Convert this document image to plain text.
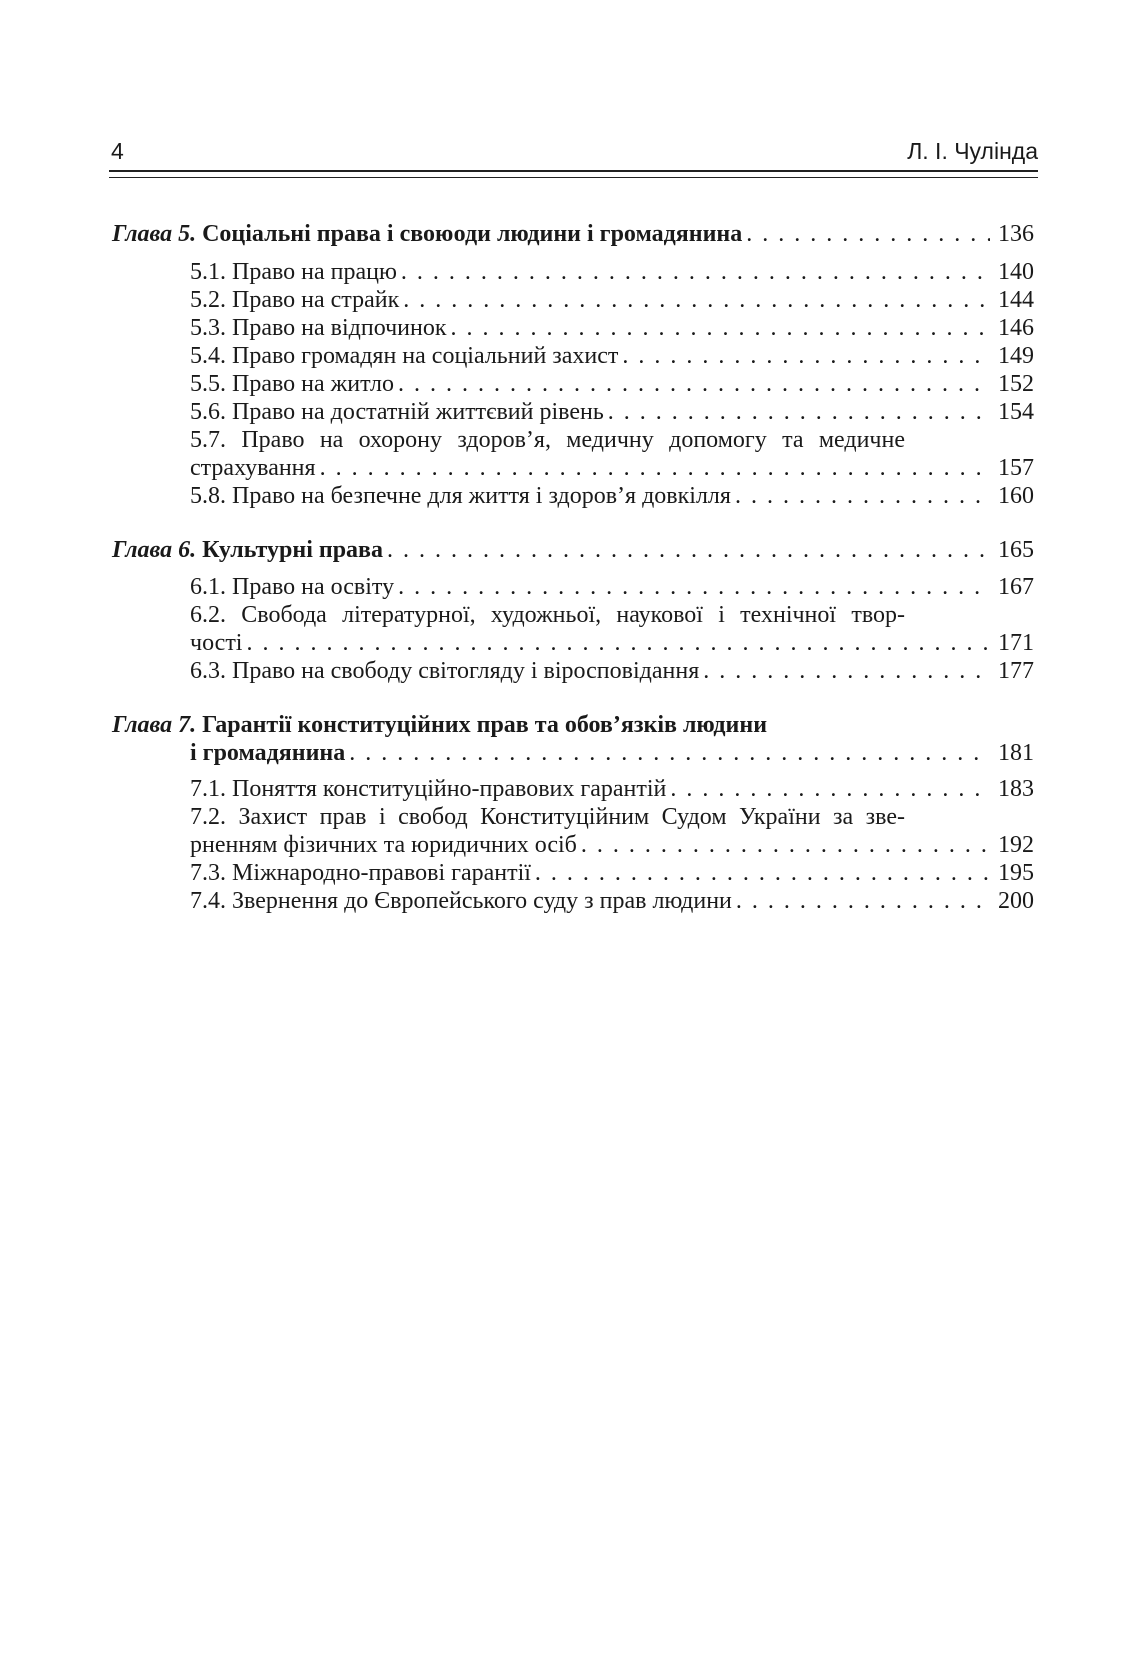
4	Л. І. Чулінда
Глава 5.
Соціальні права і своюоди людини і громадянина . . .	136
5.1. Право на працю . . .	140
5.2. Право на страйк . . .	144
5.3. Право на відпочинок . . .	146
5.4. Право громадян на соціальний захист . . .	149
5.5. Право на житло . . .	152
5.6. Право на достатній життєвий рівень . . .	154
5.7. Право на охорону здоров’я, медичну допомогу та медичне
страхування . . .	157
5.8. Право на безпечне для життя і здоров’я довкілля . . .	160
Глава 6.
Культурні права . . .	165
6.1. Право на освіту . . .	167
6.2. Свобода літературної, художньої, наукової і технічної твор-
чості . . .	171
6.3. Право на свободу світогляду і віросповідання . . .	177
Глава 7.
Гарантії конституційних прав та обов’язків людини
і громадянина . . .	181
7.1. Поняття конституційно-правових гарантій . . .	183
7.2. Захист прав і свобод Конституційним Судом України за зве-
рненням фізичних та юридичних осіб . . .	192
7.3. Міжнародно-правові гарантії . . .	195
7.4. Звернення до Європейського суду з прав людини . . .	200
